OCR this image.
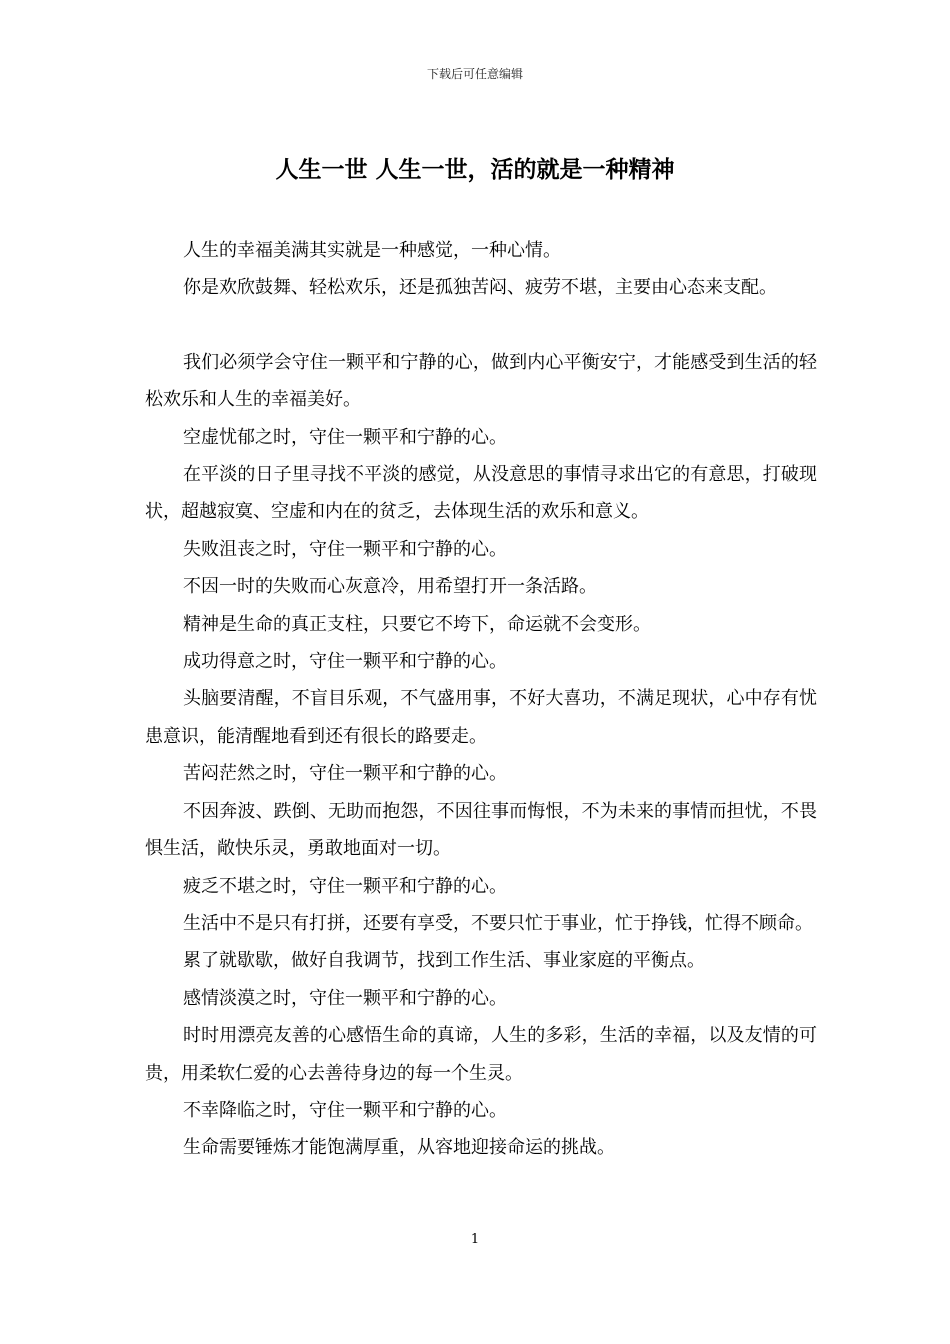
下载后可任意编辑
人生一世 人生一世，活的就是一种精神

人生的幸福美满其实就是一种感觉，一种心情。

你是欢欣鼓舞、轻松欢乐，还是孤独苦闷、疲劳不堪，主要由心态来支配。

我们必须学会守住一颗平和宁静的心，做到内心平衡安宁，才能感受到生活的轻松欢乐和人生的幸福美好。

空虚忧郁之时，守住一颗平和宁静的心。

在平淡的日子里寻找不平淡的感觉，从没意思的事情寻求出它的有意思，打破现状，超越寂寞、空虚和内在的贫乏，去体现生活的欢乐和意义。

失败沮丧之时，守住一颗平和宁静的心。

不因一时的失败而心灰意冷，用希望打开一条活路。

精神是生命的真正支柱，只要它不垮下，命运就不会变形。

成功得意之时，守住一颗平和宁静的心。

头脑要清醒，不盲目乐观，不气盛用事，不好大喜功，不满足现状，心中存有忧患意识，能清醒地看到还有很长的路要走。

苦闷茫然之时，守住一颗平和宁静的心。

不因奔波、跌倒、无助而抱怨，不因往事而悔恨，不为未来的事情而担忧，不畏惧生活，敞快乐灵，勇敢地面对一切。

疲乏不堪之时，守住一颗平和宁静的心。

生活中不是只有打拼，还要有享受，不要只忙于事业，忙于挣钱，忙得不顾命。

累了就歇歇，做好自我调节，找到工作生活、事业家庭的平衡点。

感情淡漠之时，守住一颗平和宁静的心。

时时用漂亮友善的心感悟生命的真谛，人生的多彩，生活的幸福，以及友情的可贵，用柔软仁爱的心去善待身边的每一个生灵。

不幸降临之时，守住一颗平和宁静的心。

生命需要锤炼才能饱满厚重，从容地迎接命运的挑战。

1
